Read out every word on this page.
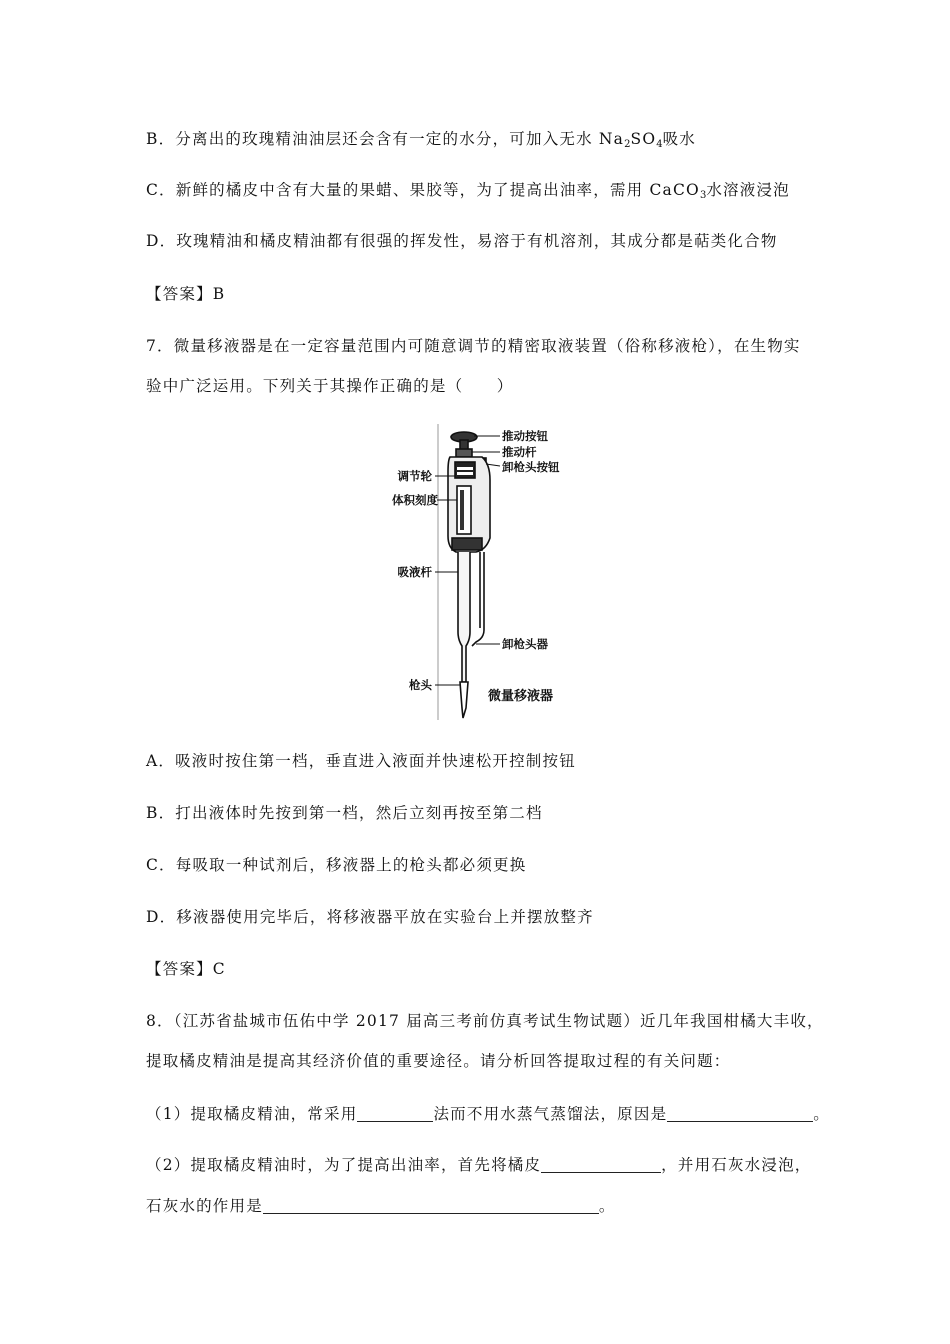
B．分离出的玫瑰精油油层还会含有一定的水分，可加入无水 $Na_2SO_4$吸水
C．新鲜的橘皮中含有大量的果蜡、果胶等，为了提高出油率，需用 CaCO$_3$水溶液浸泡
D．玫瑰精油和橘皮精油都有很强的挥发性，易溶于有机溶剂，其成分都是萜类化合物
【答案】B
7．微量移液器是在一定容量范围内可随意调节的精密取液装置（俗称移液枪），在生物实
验中广泛运用。下列关于其操作正确的是（　　）
推动按钮
推动杆
卸枪头按钮
调节轮
体积刻度
吸液杆
卸枪头器
枪头
微量移液器
A．吸液时按住第一档，垂直进入液面并快速松开控制按钮
B．打出液体时先按到第一档，然后立刻再按至第二档
C．每吸取一种试剂后，移液器上的枪头都必须更换
D．移液器使用完毕后，将移液器平放在实验台上并摆放整齐
【答案】C
8．（江苏省盐城市伍佑中学 2017 届高三考前仿真考试生物试题）近几年我国柑橘大丰收，
提取橘皮精油是提高其经济价值的重要途径。请分析回答提取过程的有关问题：
（1）提取橘皮精油，常采用	法而不用水蒸气蒸馏法，原因是	。
（2）提取橘皮精油时，为了提高出油率，首先将橘皮	，并用石灰水浸泡，
石灰水的作用是	。
